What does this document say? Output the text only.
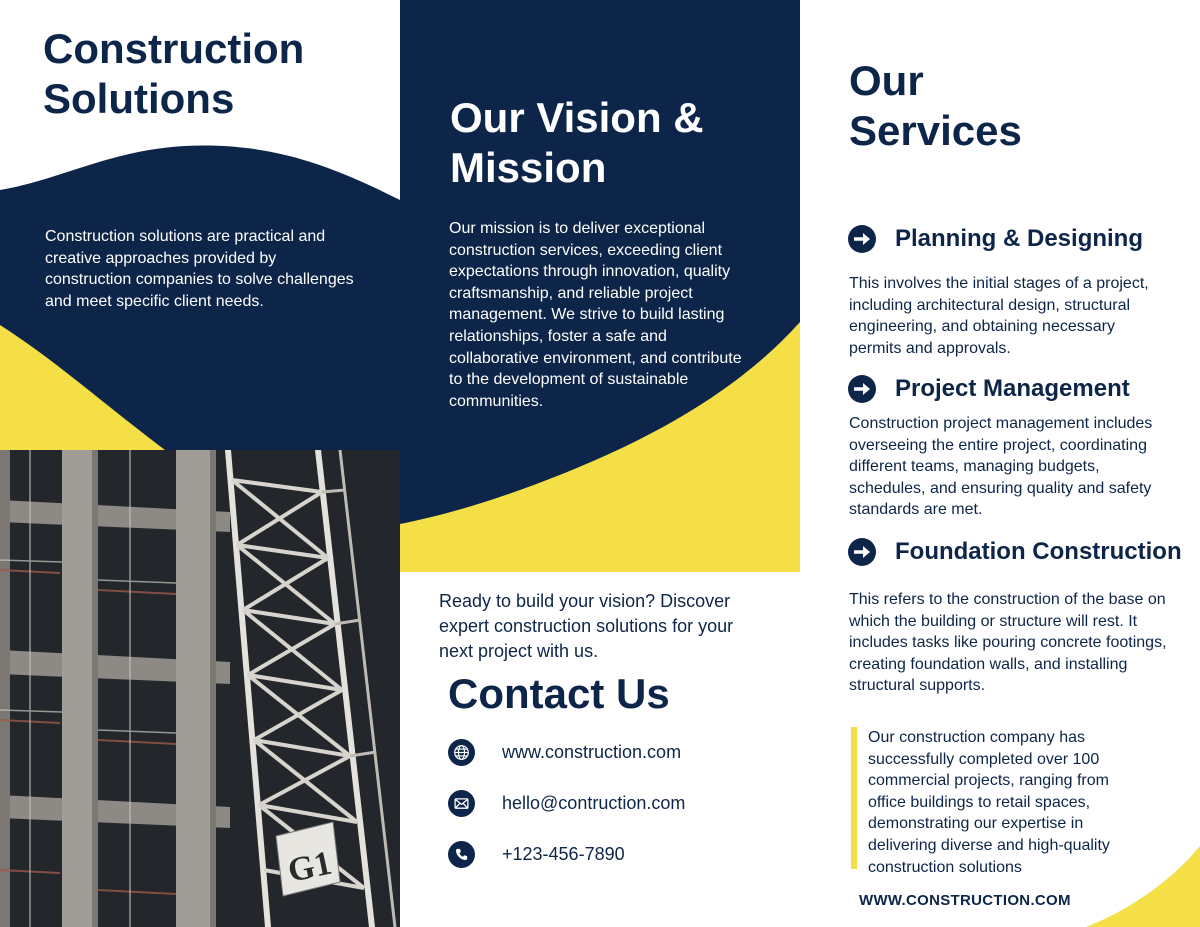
Construction
Solutions

Construction solutions are practical and creative approaches provided by construction companies to solve challenges and meet specific client needs.

G1
Our Vision &
Mission

Our mission is to deliver exceptional construction services, exceeding client expectations through innovation, quality craftsmanship, and reliable project management. We strive to build lasting relationships, foster a safe and collaborative environment, and contribute to the development of sustainable communities.

Ready to build your vision? Discover expert construction solutions for your next project with us.

Contact Us
www.construction.com
hello@contruction.com
+123-456-7890
Our
Services
Planning & Designing

This involves the initial stages of a project, including architectural design, structural engineering, and obtaining necessary permits and approvals.

Project Management

Construction project management includes overseeing the entire project, coordinating different teams, managing budgets, schedules, and ensuring quality and safety standards are met.

Foundation Construction

This refers to the construction of the base on which the building or structure will rest. It includes tasks like pouring concrete footings, creating foundation walls, and installing structural supports.

Our construction company has successfully completed over 100 commercial projects, ranging from office buildings to retail spaces, demonstrating our expertise in delivering diverse and high-quality construction solutions

WWW.CONSTRUCTION.COM
